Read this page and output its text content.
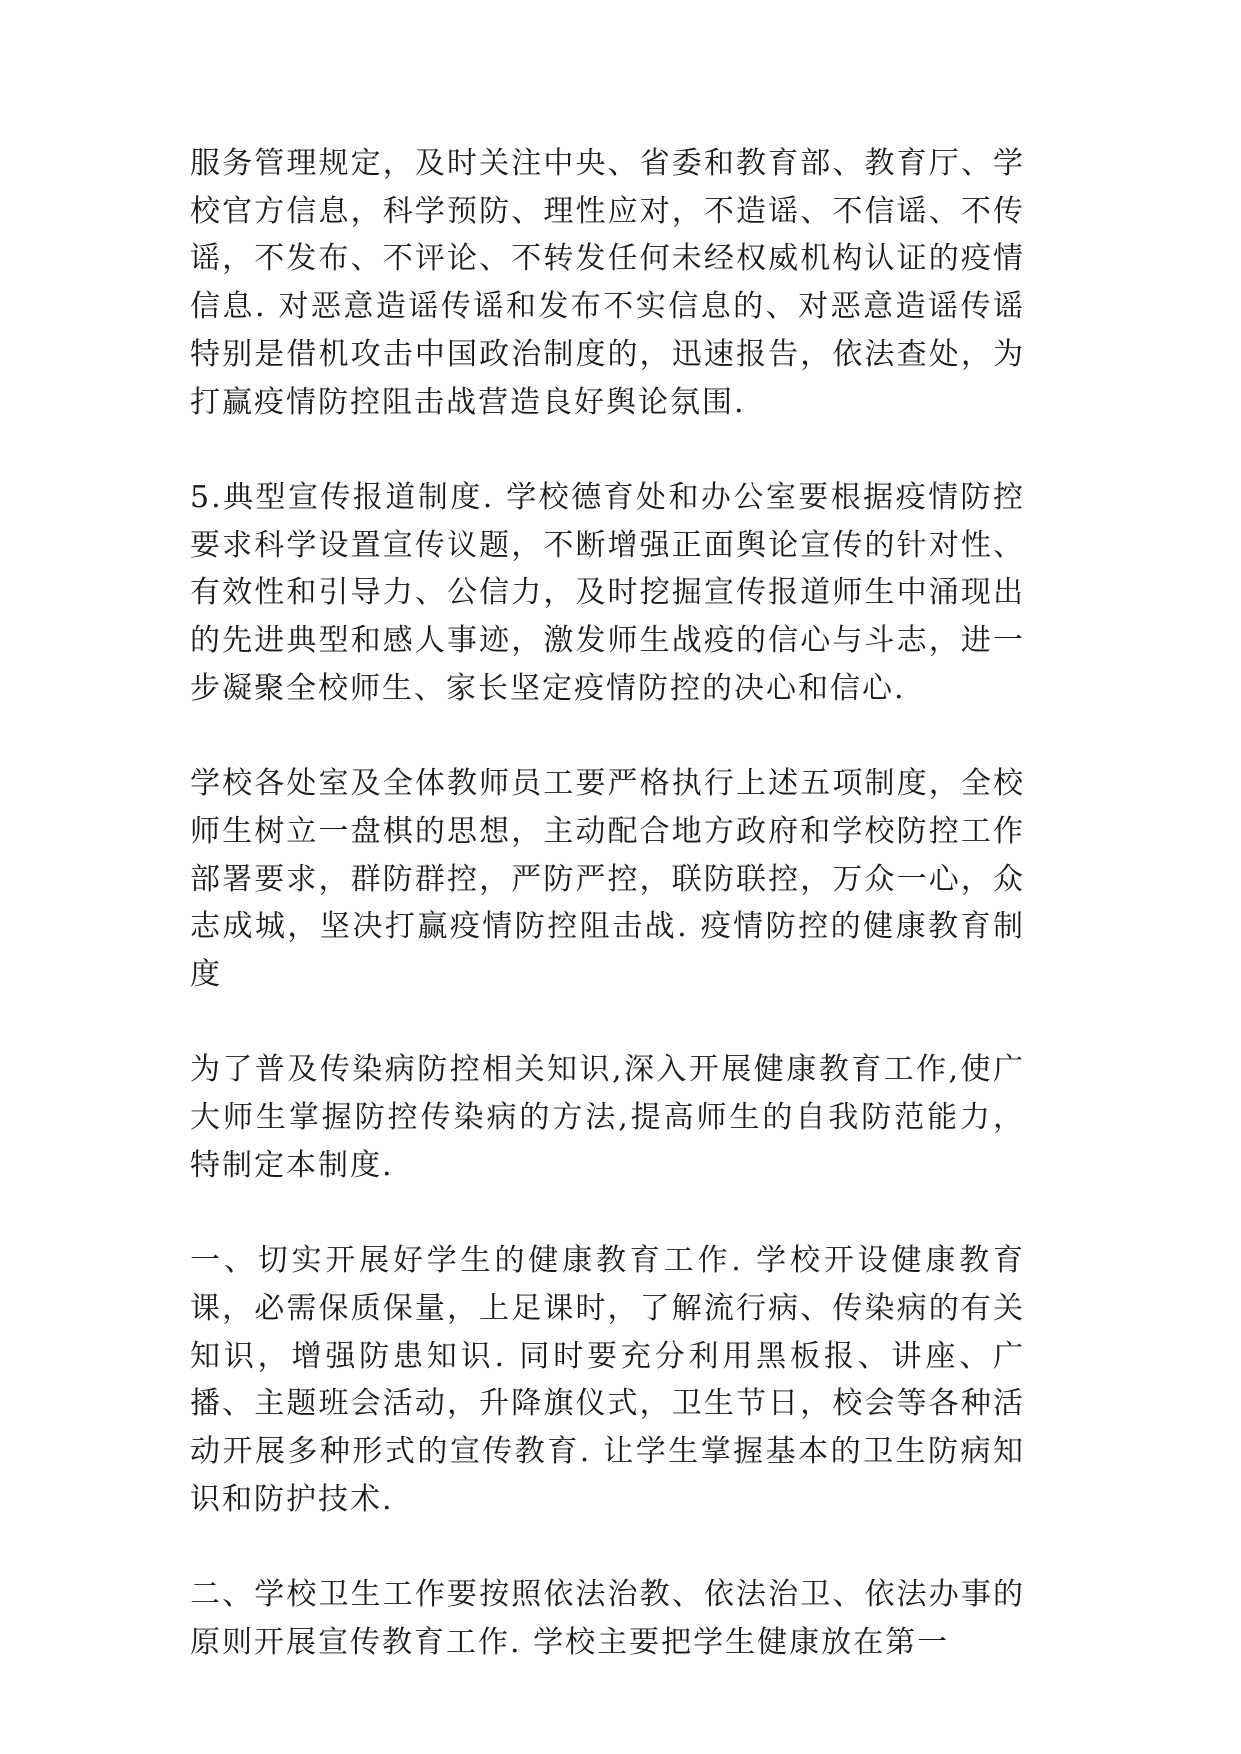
服务管理规定，及时关注中央、省委和教育部、教育厅、学校官方信息，科学预防、理性应对，不造谣、不信谣、不传谣，不发布、不评论、不转发任何未经权威机构认证的疫情信息. 对恶意造谣传谣和发布不实信息的、对恶意造谣传谣特别是借机攻击中国政治制度的，迅速报告，依法查处，为打赢疫情防控阻击战营造良好舆论氛围.

5.典型宣传报道制度. 学校德育处和办公室要根据疫情防控要求科学设置宣传议题，不断增强正面舆论宣传的针对性、有效性和引导力、公信力，及时挖掘宣传报道师生中涌现出的先进典型和感人事迹，激发师生战疫的信心与斗志，进一步凝聚全校师生、家长坚定疫情防控的决心和信心.

学校各处室及全体教师员工要严格执行上述五项制度，全校师生树立一盘棋的思想，主动配合地方政府和学校防控工作部署要求，群防群控，严防严控，联防联控，万众一心，众志成城，坚决打赢疫情防控阻击战. 疫情防控的健康教育制度

为了普及传染病防控相关知识,深入开展健康教育工作,使广大师生掌握防控传染病的方法,提高师生的自我防范能力，特制定本制度.

一、切实开展好学生的健康教育工作. 学校开设健康教育课，必需保质保量，上足课时，了解流行病、传染病的有关知识，增强防患知识. 同时要充分利用黑板报、讲座、广播、主题班会活动，升降旗仪式，卫生节日，校会等各种活动开展多种形式的宣传教育. 让学生掌握基本的卫生防病知识和防护技术.

二、学校卫生工作要按照依法治教、依法治卫、依法办事的原则开展宣传教育工作. 学校主要把学生健康放在第一
